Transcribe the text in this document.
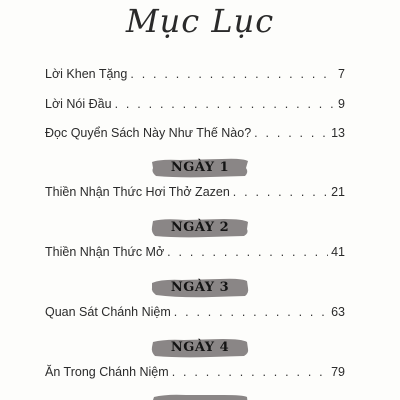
Mục Lục
Lời Khen Tặng . . .	7
Lời Nói Đầu . . .	9
Đọc Quyển Sách Này Như Thế Nào? . . .	13
NGÀY 1
Thiền Nhận Thức Hơi Thở Zazen . . .	21
NGÀY 2
Thiền Nhận Thức Mở . . .	41
NGÀY 3
Quan Sát Chánh Niệm . . .	63
NGÀY 4
Ăn Trong Chánh Niệm . . .	79
